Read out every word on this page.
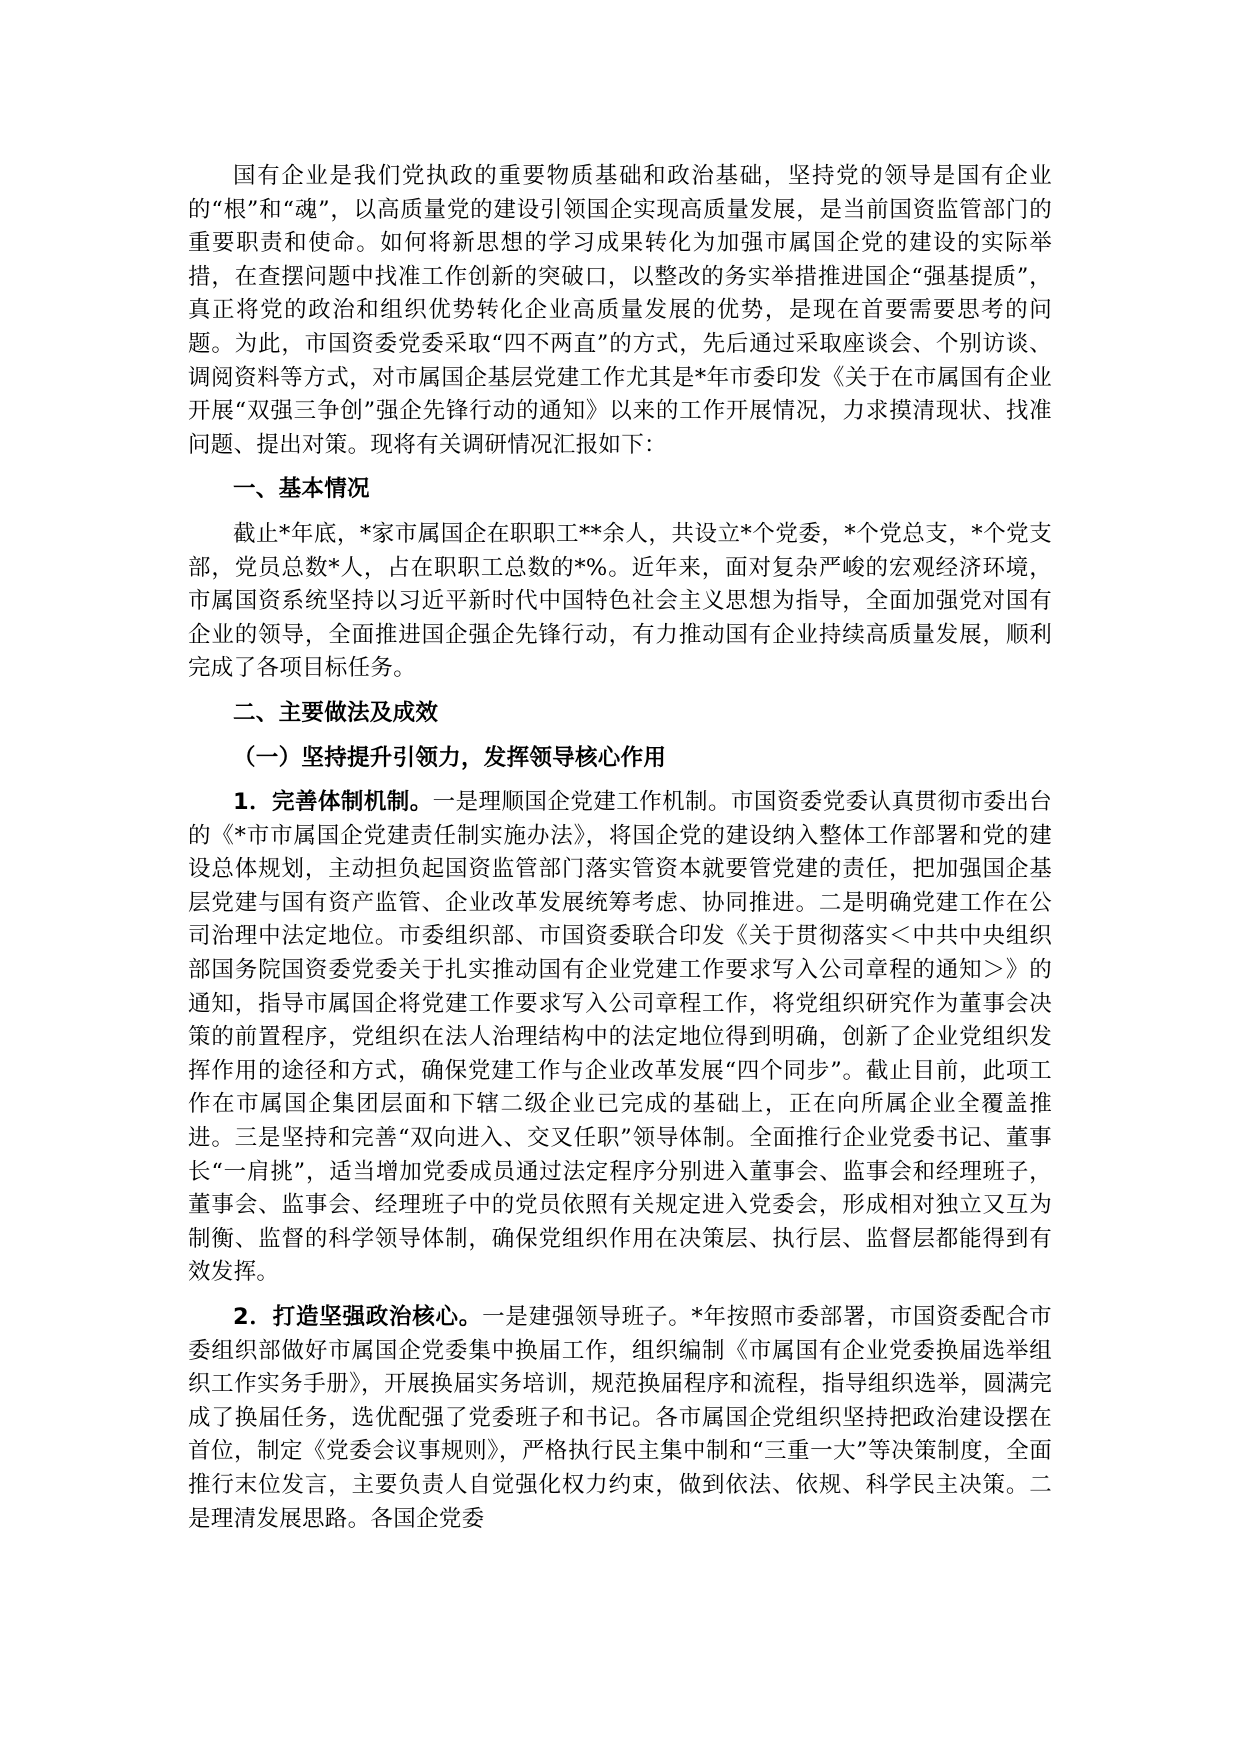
国有企业是我们党执政的重要物质基础和政治基础，坚持党的领导是国有企业的“根”和“魂”，以高质量党的建设引领国企实现高质量发展，是当前国资监管部门的重要职责和使命。如何将新思想的学习成果转化为加强市属国企党的建设的实际举措，在查摆问题中找准工作创新的突破口，以整改的务实举措推进国企“强基提质”，真正将党的政治和组织优势转化企业高质量发展的优势，是现在首要需要思考的问题。为此，市国资委党委采取“四不两直”的方式，先后通过采取座谈会、个别访谈、调阅资料等方式，对市属国企基层党建工作尤其是*年市委印发《关于在市属国有企业开展“双强三争创”强企先锋行动的通知》以来的工作开展情况，力求摸清现状、找准问题、提出对策。现将有关调研情况汇报如下：

一、基本情况

截止*年底，*家市属国企在职职工**余人，共设立*个党委，*个党总支，*个党支部，党员总数*人，占在职职工总数的*%。近年来，面对复杂严峻的宏观经济环境，市属国资系统坚持以习近平新时代中国特色社会主义思想为指导，全面加强党对国有企业的领导，全面推进国企强企先锋行动，有力推动国有企业持续高质量发展，顺利完成了各项目标任务。

二、主要做法及成效
（一）坚持提升引领力，发挥领导核心作用

1．完善体制机制。一是理顺国企党建工作机制。市国资委党委认真贯彻市委出台的《*市市属国企党建责任制实施办法》，将国企党的建设纳入整体工作部署和党的建设总体规划，主动担负起国资监管部门落实管资本就要管党建的责任，把加强国企基层党建与国有资产监管、企业改革发展统筹考虑、协同推进。二是明确党建工作在公司治理中法定地位。市委组织部、市国资委联合印发《关于贯彻落实＜中共中央组织部国务院国资委党委关于扎实推动国有企业党建工作要求写入公司章程的通知＞》的通知，指导市属国企将党建工作要求写入公司章程工作，将党组织研究作为董事会决策的前置程序，党组织在法人治理结构中的法定地位得到明确，创新了企业党组织发挥作用的途径和方式，确保党建工作与企业改革发展“四个同步”。截止目前，此项工作在市属国企集团层面和下辖二级企业已完成的基础上，正在向所属企业全覆盖推进。三是坚持和完善“双向进入、交叉任职”领导体制。全面推行企业党委书记、董事长“一肩挑”，适当增加党委成员通过法定程序分别进入董事会、监事会和经理班子，董事会、监事会、经理班子中的党员依照有关规定进入党委会，形成相对独立又互为制衡、监督的科学领导体制，确保党组织作用在决策层、执行层、监督层都能得到有效发挥。

2．打造坚强政治核心。一是建强领导班子。*年按照市委部署，市国资委配合市委组织部做好市属国企党委集中换届工作，组织编制《市属国有企业党委换届选举组织工作实务手册》，开展换届实务培训，规范换届程序和流程，指导组织选举，圆满完成了换届任务，选优配强了党委班子和书记。各市属国企党组织坚持把政治建设摆在首位，制定《党委会议事规则》，严格执行民主集中制和“三重一大”等决策制度，全面推行末位发言，主要负责人自觉强化权力约束，做到依法、依规、科学民主决策。二是理清发展思路。各国企党委
